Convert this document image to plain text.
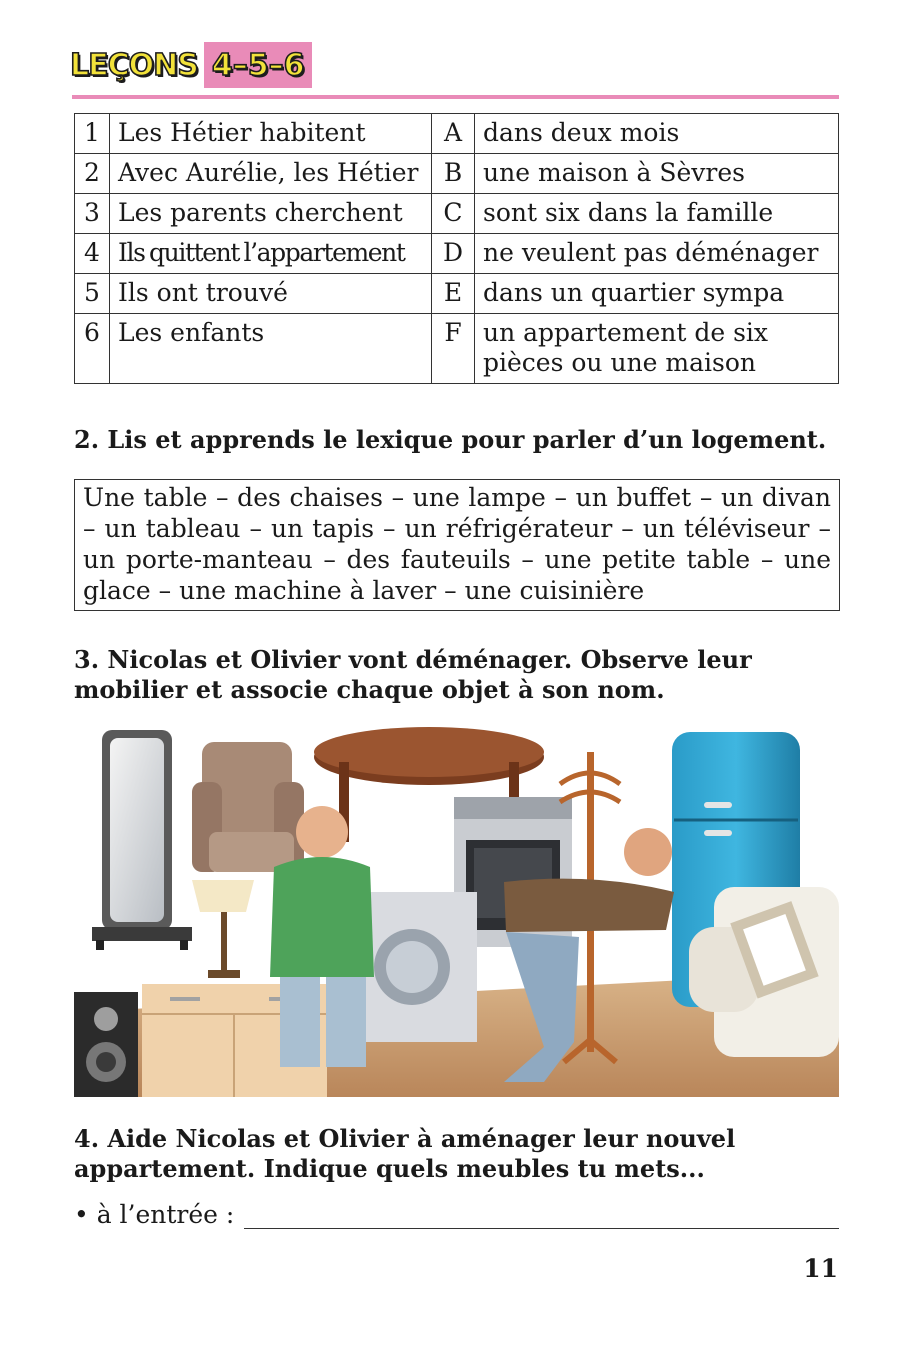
LEÇONS 4–5–6
1	Les Hétier habitent	A	dans deux mois
2	Avec Aurélie, les Hétier	B	une maison à Sèvres
3	Les parents cherchent	C	sont six dans la famille
4	Ils quittent l’appartement	D	ne veulent pas déménager
5	Ils ont trouvé	E	dans un quartier sympa
6	Les enfants	F	un appartement de six pièces ou une maison
2. Lis et apprends le lexique pour parler d’un logement.
Une table – des chaises – une lampe – un buffet – un divan – un tableau – un tapis – un réfrigérateur – un téléviseur – un porte-manteau – des fauteuils – une petite table – une glace – une machine à laver – une cuisinière
3. Nicolas et Olivier vont déménager. Observe leur mobilier et associe chaque objet à son nom.
4. Aide Nicolas et Olivier à aménager leur nouvel appartement. Indique quels meubles tu mets...
• à l’entrée :
11
